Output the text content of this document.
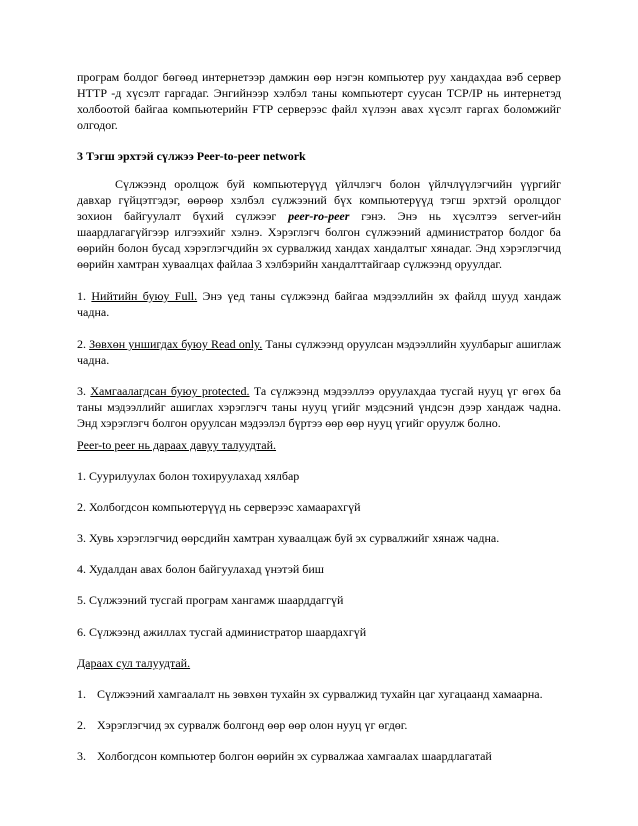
програм болдог бөгөөд интернетээр дамжин өөр нэгэн компьютер руу хандахдаа вэб сервер HTTP -д хүсэлт гаргадаг. Энгийнээр хэлбэл таны компьютерт суусан TCP/IP нь интернетэд холбоотой байгаа компьютерийн FTP серверээс файл хүлээн авах хүсэлт гаргах боломжийг олгодог.

3 Тэгш эрхтэй сүлжээ Peer-to-peer network

Сүлжээнд оролцож буй компьютерүүд үйлчлэгч болон үйлчлүүлэгчийн үүргийг давхар гүйцэтгэдэг, өөрөөр хэлбэл сүлжээний бүх компьютерүүд тэгш эрхтэй оролцдог зохион байгуулалт бүхий сүлжээг peer-ro-peer гэнэ. Энэ нь хүсэлтээ server-ийн шаардлагагүйгээр илгээхийг хэлнэ. Хэрэглэгч болгон сүлжээний администратор болдог ба өөрийн болон бусад хэрэглэгчдийн эх сурвалжид хандах хандалтыг хянадаг. Энд хэрэглэгчид өөрийн хамтран хуваалцах файлаа 3 хэлбэрийн хандалттайгаар сүлжээнд оруулдаг.

1. Нийтийн буюу Full. Энэ үед таны сүлжээнд байгаа мэдээллийн эх файлд шууд хандаж чадна.

2. Зөвхөн уншигдах буюу Read only. Таны сүлжээнд оруулсан мэдээллийн хуулбарыг ашиглаж чадна.

3. Хамгаалагдсан буюу protected. Та сүлжээнд мэдээллээ оруулахдаа тусгай нууц үг өгөх ба таны мэдээллийг ашиглах хэрэглэгч таны нууц үгийг мэдсэний үндсэн дээр хандаж чадна. Энд хэрэглэгч болгон оруулсан мэдээлэл бүртээ өөр өөр нууц үгийг оруулж болно.

Peer-to peer нь дараах давуу талуудтай.

1. Суурилуулах болон тохируулахад хялбар

2. Холбогдсон компьютерүүд нь серверээс хамаарахгүй

3. Хувь хэрэглэгчид өөрсдийн хамтран хуваалцаж буй эх сурвалжийг хянаж чадна.

4. Худалдан авах болон байгуулахад үнэтэй биш

5. Сүлжээний тусгай програм хангамж шаарддаггүй

6. Сүлжээнд ажиллах тусгай администратор шаардахгүй

Дараах сул талуудтай.

1. Сүлжээний хамгаалалт нь зөвхөн тухайн эх сурвалжид тухайн цаг хугацаанд хамаарна.

2. Хэрэглэгчид эх сурвалж болгонд өөр өөр олон нууц үг өгдөг.

3. Холбогдсон компьютер болгон өөрийн эх сурвалжаа хамгаалах шаардлагатай
